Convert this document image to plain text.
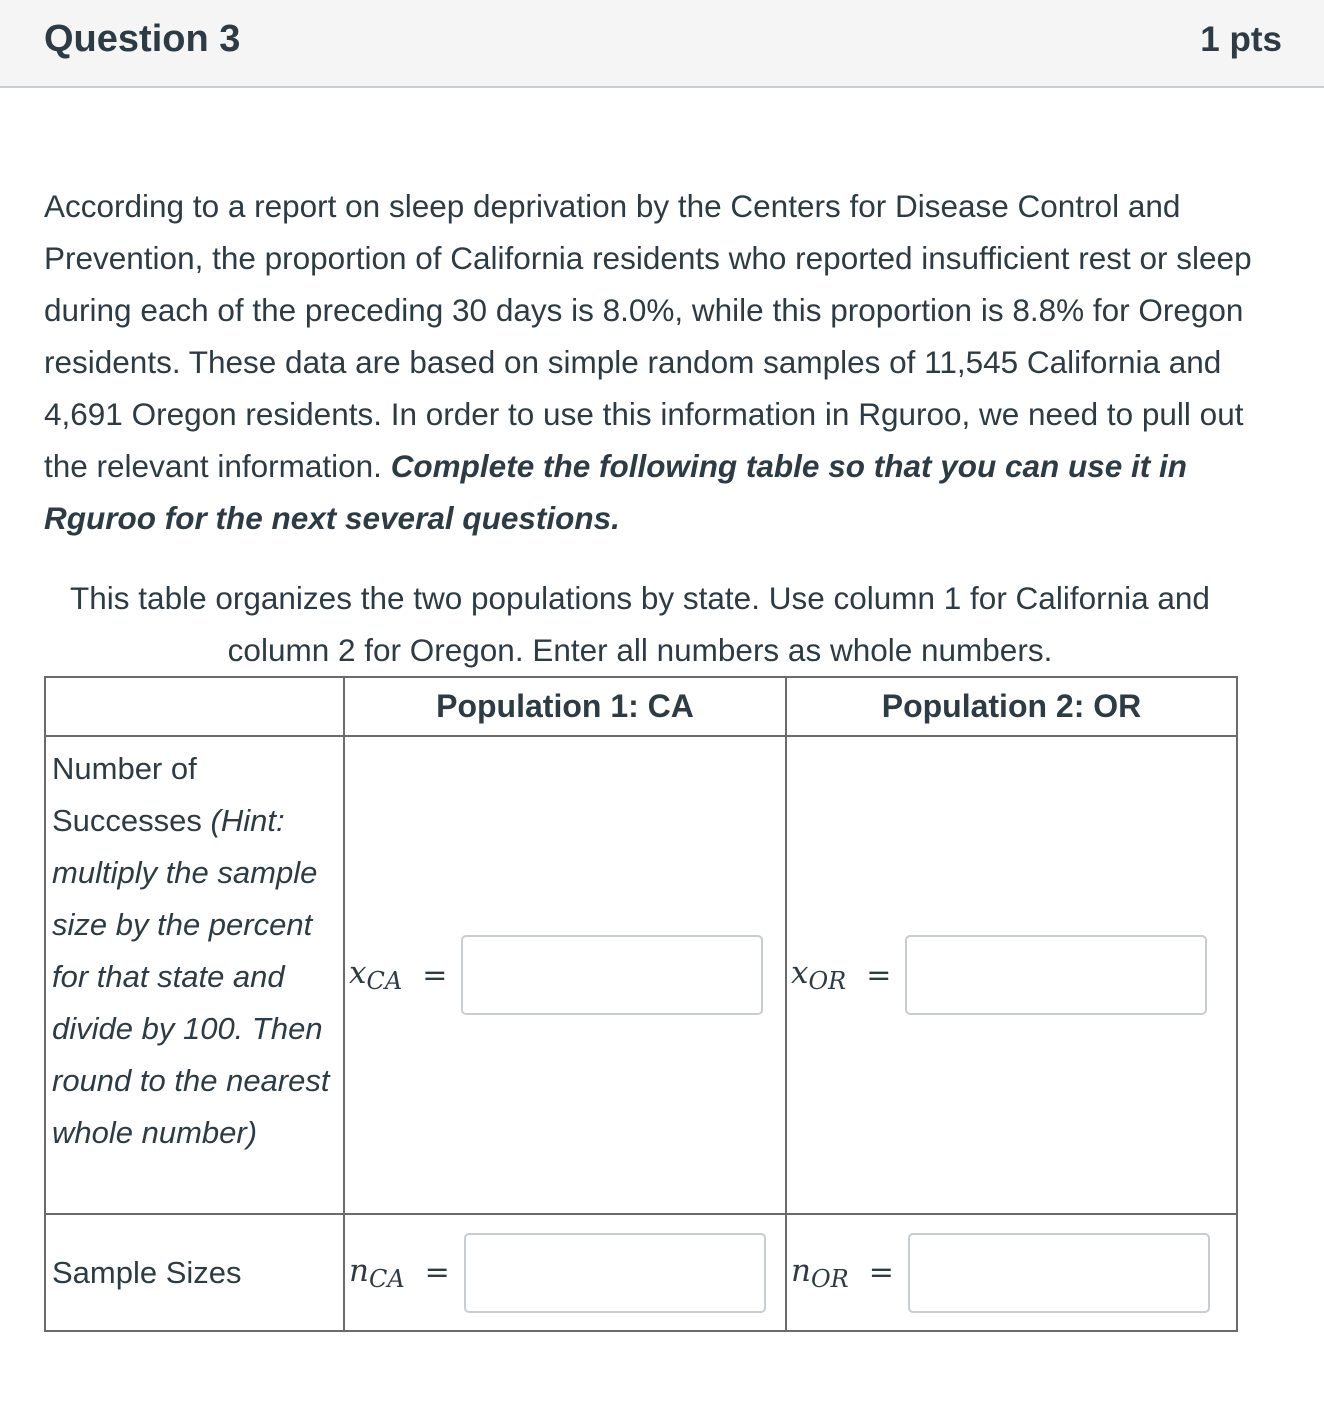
Question 3	1 pts

According to a report on sleep deprivation by the Centers for Disease Control and Prevention, the proportion of California residents who reported insufficient rest or sleep during each of the preceding 30 days is 8.0%, while this proportion is 8.8% for Oregon residents. These data are based on simple random samples of 11,545 California and 4,691 Oregon residents. In order to use this information in Rguroo, we need to pull out the relevant information. Complete the following table so that you can use it in Rguroo for the next several questions.

This table organizes the two populations by state. Use column 1 for California and column 2 for Oregon. Enter all numbers as whole numbers.

	Population 1: CA	Population 2: OR
Number of Successes (Hint: multiply the sample size by the percent for that state and divide by 100. Then round to the nearest whole number)	$x_{CA}$ =	$x_{OR}$ =

Sample Sizes	$n_{CA}$ =	$n_{OR}$ =
